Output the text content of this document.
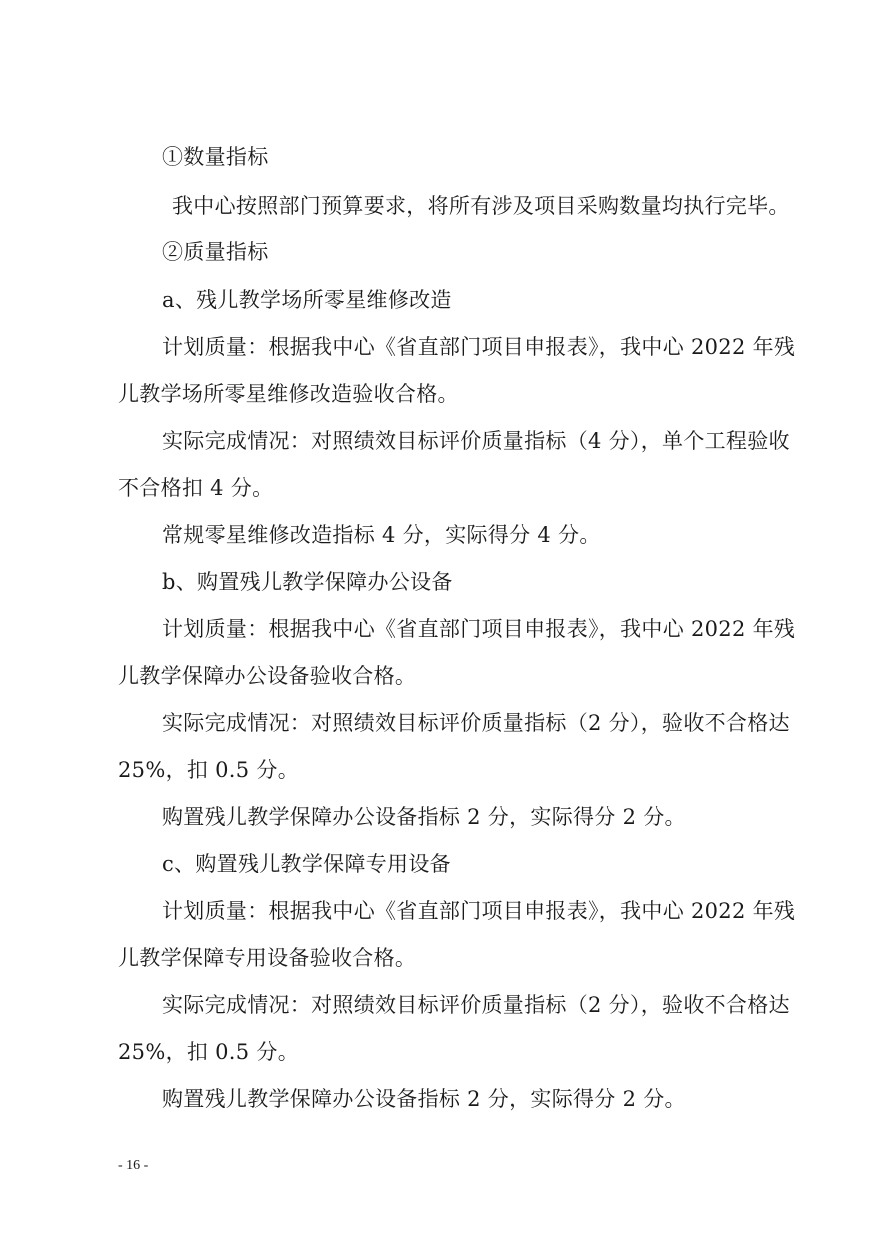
①数量指标
我中心按照部门预算要求，将所有涉及项目采购数量均执行完毕。
②质量指标
a、残儿教学场所零星维修改造
计划质量：根据我中心《省直部门项目申报表》，我中心 2022 年残
儿教学场所零星维修改造验收合格。
实际完成情况：对照绩效目标评价质量指标（4 分），单个工程验收
不合格扣 4 分。
常规零星维修改造指标 4 分，实际得分 4 分。
b、购置残儿教学保障办公设备
计划质量：根据我中心《省直部门项目申报表》，我中心 2022 年残
儿教学保障办公设备验收合格。
实际完成情况：对照绩效目标评价质量指标（2 分），验收不合格达
25%，扣 0.5 分。
购置残儿教学保障办公设备指标 2 分，实际得分 2 分。
c、购置残儿教学保障专用设备
计划质量：根据我中心《省直部门项目申报表》，我中心 2022 年残
儿教学保障专用设备验收合格。
实际完成情况：对照绩效目标评价质量指标（2 分），验收不合格达
25%，扣 0.5 分。
购置残儿教学保障办公设备指标 2 分，实际得分 2 分。
- 16 -
